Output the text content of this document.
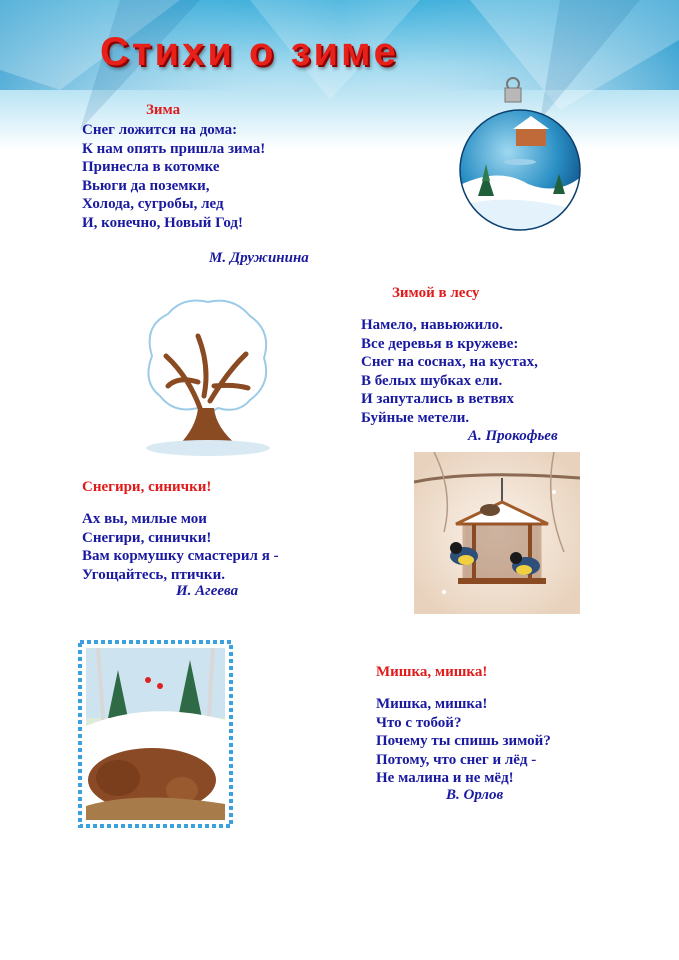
Стихи о зиме
Зима
Снег ложится на дома:
К нам опять пришла зима!
Принесла в котомке
Вьюги да поземки,
Холода, сугробы, лед
И, конечно, Новый Год!
М. Дружинина
Зимой в лесу
Намело, навьюжило.
Все деревья в кружеве:
Снег на соснах, на кустах,
В белых шубках ели.
И запутались в ветвях
Буйные метели.
А. Прокофьев
Снегири, синички!
Ах вы, милые мои
Снегири, синички!
Вам кормушку смастерил я -
Угощайтесь, птички.
И. Агеева
Мишка, мишка!
Мишка, мишка!
Что с тобой?
Почему ты спишь зимой?
Потому, что снег и лёд -
Не малина и не мёд!
В. Орлов
